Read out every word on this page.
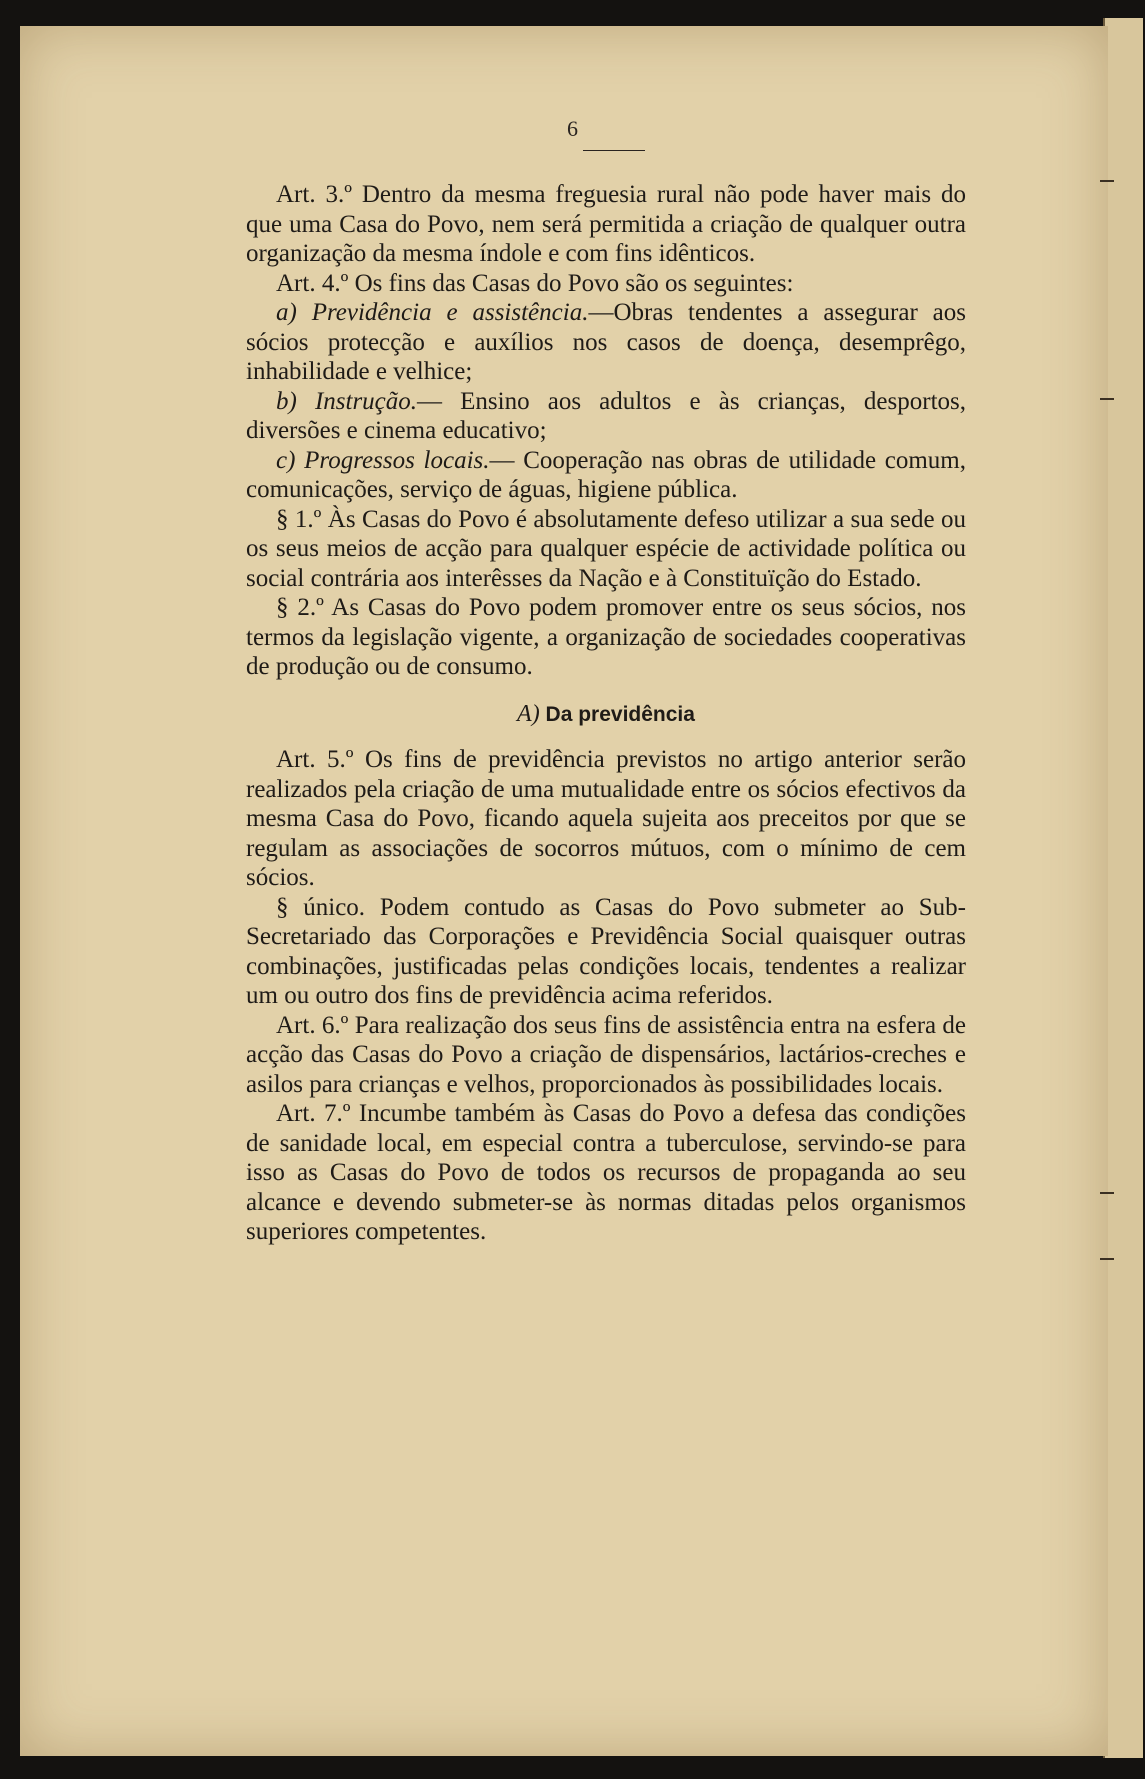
6

Art. 3.º Dentro da mesma freguesia rural não pode haver mais do que uma Casa do Povo, nem será permitida a criação de qualquer outra organização da mesma índole e com fins idênticos.

Art. 4.º Os fins das Casas do Povo são os seguintes:

a) Previdência e assistência.—Obras tendentes a assegurar aos sócios protecção e auxílios nos casos de doença, desemprêgo, inhabilidade e velhice;

b) Instrução.— Ensino aos adultos e às crianças, desportos, diversões e cinema educativo;

c) Progressos locais.— Cooperação nas obras de utilidade comum, comunicações, serviço de águas, higiene pública.

§ 1.º Às Casas do Povo é absolutamente defeso utilizar a sua sede ou os seus meios de acção para qualquer espécie de actividade política ou social contrária aos interêsses da Nação e à Constituïção do Estado.

§ 2.º As Casas do Povo podem promover entre os seus sócios, nos termos da legislação vigente, a organização de sociedades cooperativas de produção ou de consumo.

A) Da previdência

Art. 5.º Os fins de previdência previstos no artigo anterior serão realizados pela criação de uma mutualidade entre os sócios efectivos da mesma Casa do Povo, ficando aquela sujeita aos preceitos por que se regulam as associações de socorros mútuos, com o mínimo de cem sócios.

§ único. Podem contudo as Casas do Povo submeter ao Sub-Secretariado das Corporações e Previdência Social quaisquer outras combinações, justificadas pelas condições locais, tendentes a realizar um ou outro dos fins de previdência acima referidos.

Art. 6.º Para realização dos seus fins de assistência entra na esfera de acção das Casas do Povo a criação de dispensários, lactários-creches e asilos para crianças e velhos, proporcionados às possibilidades locais.

Art. 7.º Incumbe também às Casas do Povo a defesa das condições de sanidade local, em especial contra a tuberculose, servindo-se para isso as Casas do Povo de todos os recursos de propaganda ao seu alcance e devendo submeter-se às normas ditadas pelos organismos superiores competentes.
